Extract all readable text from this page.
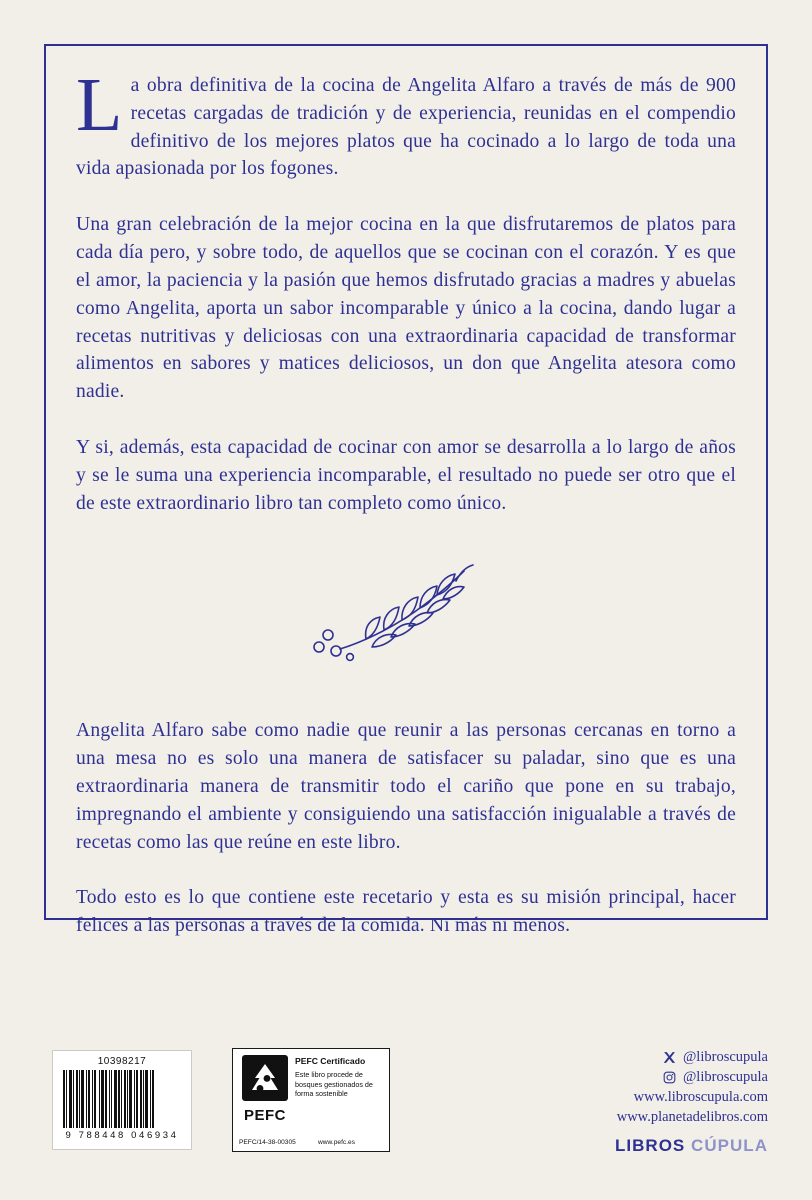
La obra definitiva de la cocina de Angelita Alfaro a través de más de 900 recetas cargadas de tradición y de experiencia, reunidas en el compendio definitivo de los mejores platos que ha cocinado a lo largo de toda una vida apasionada por los fogones.

Una gran celebración de la mejor cocina en la que disfrutaremos de platos para cada día pero, y sobre todo, de aquellos que se cocinan con el corazón. Y es que el amor, la paciencia y la pasión que hemos disfrutado gracias a madres y abuelas como Angelita, aporta un sabor incomparable y único a la cocina, dando lugar a recetas nutritivas y deliciosas con una extraordinaria capacidad de transformar alimentos en sabores y matices deliciosos, un don que Angelita atesora como nadie.

Y si, además, esta capacidad de cocinar con amor se desarrolla a lo largo de años y se le suma una experiencia incomparable, el resultado no puede ser otro que el de este extraordinario libro tan completo como único.

Angelita Alfaro sabe como nadie que reunir a las personas cercanas en torno a una mesa no es solo una manera de satisfacer su paladar, sino que es una extraordinaria manera de transmitir todo el cariño que pone en su trabajo, impregnando el ambiente y consiguiendo una satisfacción inigualable a través de recetas como las que reúne en este libro.

Todo esto es lo que contiene este recetario y esta es su misión principal, hacer felices a las personas a través de la comida. Ni más ni menos.

10398217
9 788448 046934
PEFC
PEFC Certificado
Este libro procede de bosques gestionados de forma sostenible
PEFC/14-38-00305	www.pefc.es
@libroscupula
@libroscupula
www.libroscupula.com
www.planetadelibros.com
LIBROS CÚPULA
